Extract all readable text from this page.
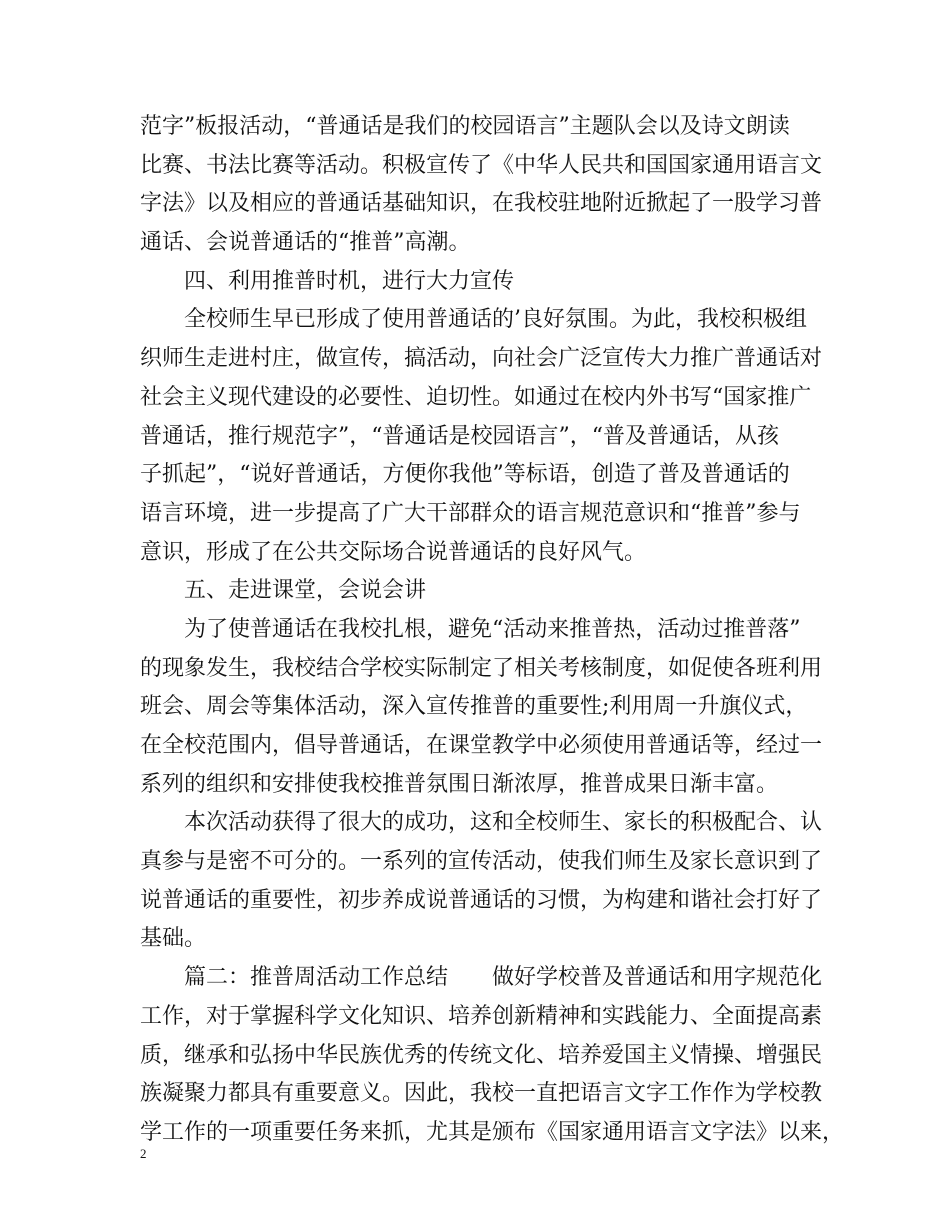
范字”板报活动，“普通话是我们的校园语言”主题队会以及诗文朗读
比赛、书法比赛等活动。积极宣传了《中华人民共和国国家通用语言文
字法》以及相应的普通话基础知识，在我校驻地附近掀起了一股学习普
通话、会说普通话的“推普”高潮。
四、利用推普时机，进行大力宣传
全校师生早已形成了使用普通话的’良好氛围。为此，我校积极组
织师生走进村庄，做宣传，搞活动，向社会广泛宣传大力推广普通话对
社会主义现代建设的必要性、迫切性。如通过在校内外书写“国家推广
普通话，推行规范字”，“普通话是校园语言”，“普及普通话，从孩
子抓起”，“说好普通话，方便你我他”等标语，创造了普及普通话的
语言环境，进一步提高了广大干部群众的语言规范意识和“推普”参与
意识，形成了在公共交际场合说普通话的良好风气。
五、走进课堂，会说会讲
为了使普通话在我校扎根，避免“活动来推普热，活动过推普落”
的现象发生，我校结合学校实际制定了相关考核制度，如促使各班利用
班会、周会等集体活动，深入宣传推普的重要性;利用周一升旗仪式，
在全校范围内，倡导普通话，在课堂教学中必须使用普通话等，经过一
系列的组织和安排使我校推普氛围日渐浓厚，推普成果日渐丰富。
本次活动获得了很大的成功，这和全校师生、家长的积极配合、认
真参与是密不可分的。一系列的宣传活动，使我们师生及家长意识到了
说普通话的重要性，初步养成说普通话的习惯，为构建和谐社会打好了
基础。
篇二：推普周活动工作总结　　做好学校普及普通话和用字规范化
工作，对于掌握科学文化知识、培养创新精神和实践能力、全面提高素
质，继承和弘扬中华民族优秀的传统文化、培养爱国主义情操、增强民
族凝聚力都具有重要意义。因此，我校一直把语言文字工作作为学校教
学工作的一项重要任务来抓，尤其是颁布《国家通用语言文字法》以来，
2
